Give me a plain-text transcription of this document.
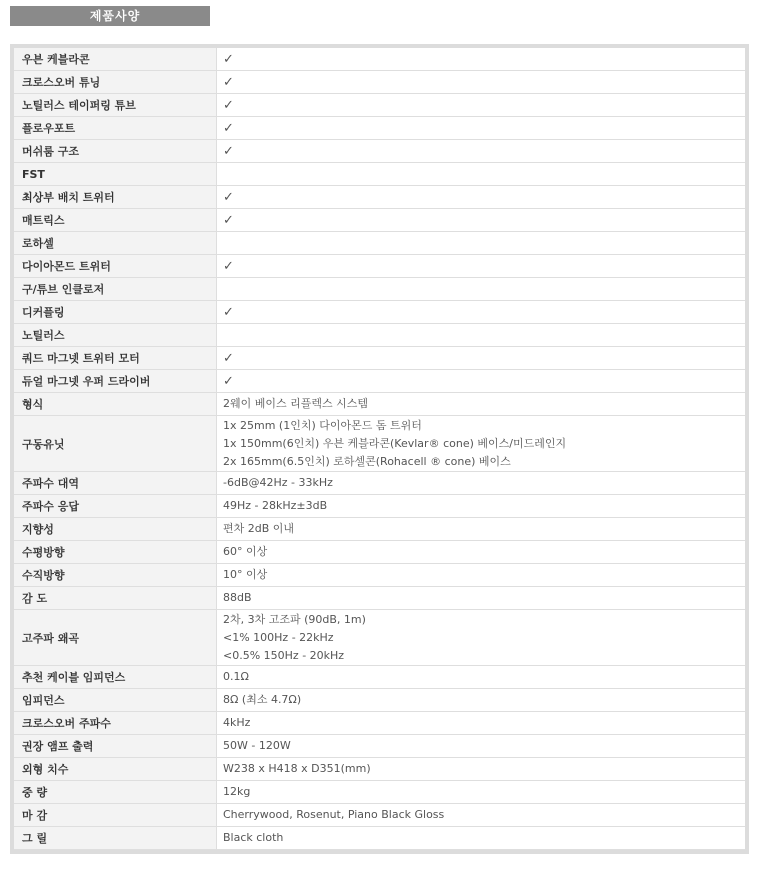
제품사양
우븐 케블라콘	✓
크로스오버 튜닝	✓
노틸러스 테이퍼링 튜브	✓
플로우포트	✓
머쉬룸 구조	✓
FST	
최상부 배치 트위터	✓
매트릭스	✓
로하셀	
다이아몬드 트위터	✓
구/튜브 인클로저	
디커플링	✓
노틸러스	
쿼드 마그넷 트위터 모터	✓
듀얼 마그넷 우퍼 드라이버	✓
형식	2웨이 베이스 리플렉스 시스템

구동유닛	1x 25mm (1인치) 다이아몬드 돔 트위터
1x 150mm(6인치) 우븐 케블라콘(Kevlar® cone) 베이스/미드레인지
2x 165mm(6.5인치) 로하셀콘(Rohacell ® cone) 베이스

주파수 대역	-6dB@42Hz - 33kHz

주파수 응답	49Hz - 28kHz±3dB

지향성	편차 2dB 이내

수평방향	60° 이상

수직방향	10° 이상

감 도	88dB

고주파 왜곡	2차, 3차 고조파 (90dB, 1m)
<1% 100Hz - 22kHz
<0.5% 150Hz - 20kHz

추천 케이블 임피던스	0.1Ω

임피던스	8Ω (최소 4.7Ω)

크로스오버 주파수	4kHz

권장 앰프 출력	50W - 120W

외형 치수	W238 x H418 x D351(mm)

중 량	12kg

마 감	Cherrywood, Rosenut, Piano Black Gloss

그 릴	Black cloth
